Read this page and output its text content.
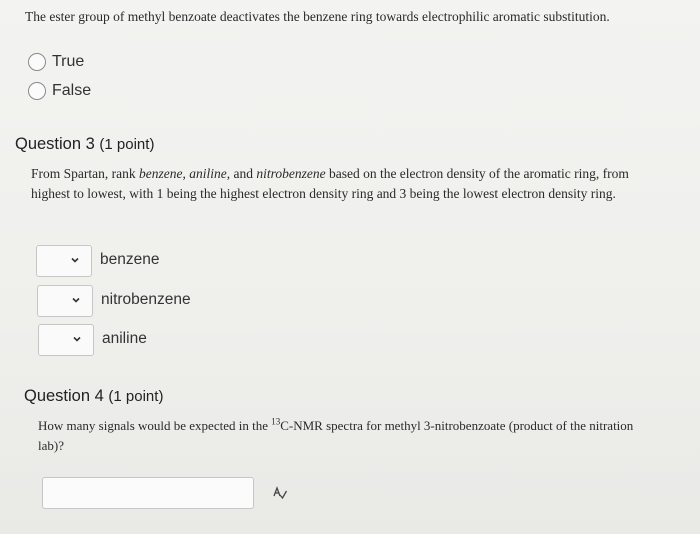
The ester group of methyl benzoate deactivates the benzene ring towards electrophilic aromatic substitution.
True
False
Question 3 (1 point)
From Spartan, rank benzene, aniline, and nitrobenzene based on the electron density of the aromatic ring, from highest to lowest, with 1 being the highest electron density ring and 3 being the lowest electron density ring.
benzene
nitrobenzene
aniline
Question 4 (1 point)
How many signals would be expected in the $^{13}$C-NMR spectra for methyl 3-nitrobenzoate (product of the nitration lab)?
